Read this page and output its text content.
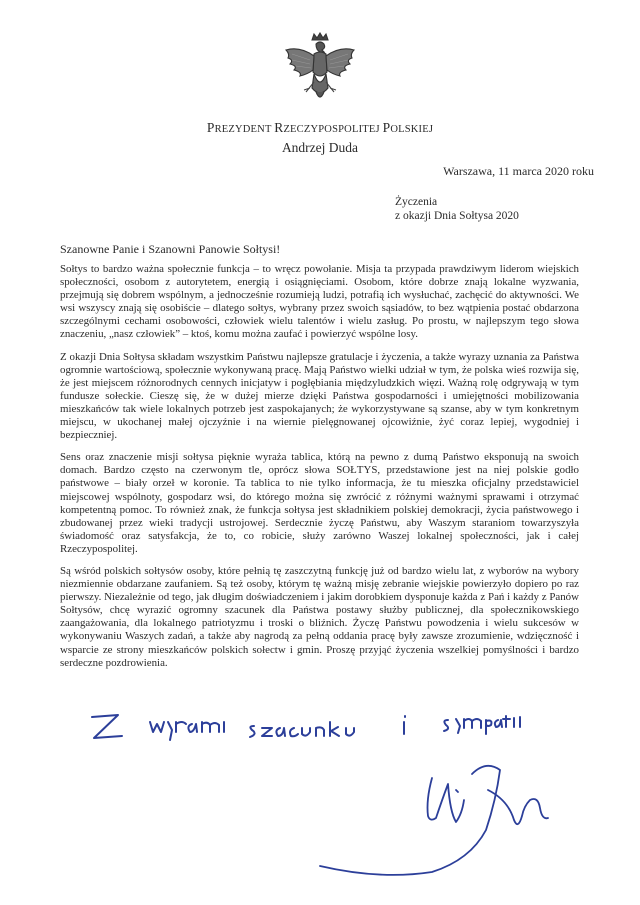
PREZYDENT RZECZYPOSPOLITEJ POLSKIEJ
Andrzej Duda
Warszawa, 11 marca 2020 roku
Życzenia
z okazji Dnia Sołtysa 2020
Szanowne Panie i Szanowni Panowie Sołtysi!

Sołtys to bardzo ważna społecznie funkcja – to wręcz powołanie. Misja ta przypada prawdziwym liderom wiejskich społeczności, osobom z autorytetem, energią i osiągnięciami. Osobom, które dobrze znają lokalne wyzwania, przejmują się dobrem wspólnym, a jednocześnie rozumieją ludzi, potrafią ich wysłuchać, zachęcić do aktywności. We wsi wszyscy znają się osobiście – dlatego sołtys, wybrany przez swoich sąsiadów, to bez wątpienia postać obdarzona szczególnymi cechami osobowości, człowiek wielu talentów i wielu zasług. Po prostu, w najlepszym tego słowa znaczeniu, „nasz człowiek” – ktoś, komu można zaufać i powierzyć wspólne losy.

Z okazji Dnia Sołtysa składam wszystkim Państwu najlepsze gratulacje i życzenia, a także wyrazy uznania za Państwa ogromnie wartościową, społecznie wykonywaną pracę. Mają Państwo wielki udział w tym, że polska wieś rozwija się, że jest miejscem różnorodnych cennych inicjatyw i pogłębiania międzyludzkich więzi. Ważną rolę odgrywają w tym fundusze sołeckie. Cieszę się, że w dużej mierze dzięki Państwa gospodarności i umiejętności mobilizowania mieszkańców tak wiele lokalnych potrzeb jest zaspokajanych; że wykorzystywane są szanse, aby w tym konkretnym miejscu, w ukochanej małej ojczyźnie i na wiernie pielęgnowanej ojcowiźnie, żyć coraz lepiej, wygodniej i bezpieczniej.

Sens oraz znaczenie misji sołtysa pięknie wyraża tablica, którą na pewno z dumą Państwo eksponują na swoich domach. Bardzo często na czerwonym tle, oprócz słowa SOŁTYS, przedstawione jest na niej polskie godło państwowe – biały orzeł w koronie. Ta tablica to nie tylko informacja, że tu mieszka oficjalny przedstawiciel miejscowej wspólnoty, gospodarz wsi, do którego można się zwrócić z różnymi ważnymi sprawami i otrzymać kompetentną pomoc. To również znak, że funkcja sołtysa jest składnikiem polskiej demokracji, życia państwowego i zbudowanej przez wieki tradycji ustrojowej. Serdecznie życzę Państwu, aby Waszym staraniom towarzyszyła świadomość oraz satysfakcja, że to, co robicie, służy zarówno Waszej lokalnej społeczności, jak i całej Rzeczypospolitej.

Są wśród polskich sołtysów osoby, które pełnią tę zaszczytną funkcję już od bardzo wielu lat, z wyborów na wybory niezmiennie obdarzane zaufaniem. Są też osoby, którym tę ważną misję zebranie wiejskie powierzyło dopiero po raz pierwszy. Niezależnie od tego, jak długim doświadczeniem i jakim dorobkiem dysponuje każda z Pań i każdy z Panów Sołtysów, chcę wyrazić ogromny szacunek dla Państwa postawy służby publicznej, dla społecznikowskiego zaangażowania, dla lokalnego patriotyzmu i troski o bliźnich. Życzę Państwu powodzenia i wielu sukcesów w wykonywaniu Waszych zadań, a także aby nagrodą za pełną oddania pracę były zawsze zrozumienie, wdzięczność i wsparcie ze strony mieszkańców polskich sołectw i gmin. Proszę przyjąć życzenia wszelkiej pomyślności i bardzo serdeczne pozdrowienia.
